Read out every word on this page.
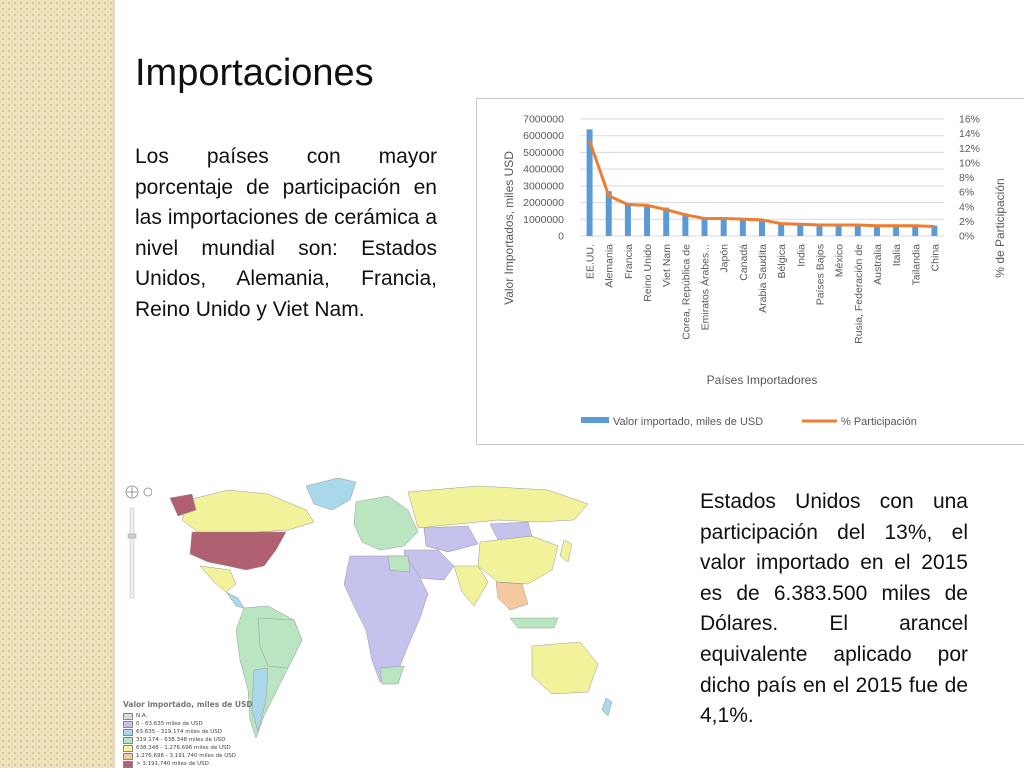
Importaciones
Los países con mayor porcentaje de participación en las importaciones de cerámica a nivel mundial son: Estados Unidos, Alemania, Francia, Reino Unido y Viet Nam.
Estados Unidos con una participación del 13%, el valor importado en el 2015 es de 6.383.500 miles de Dólares. El arancel equivalente aplicado por dicho país en el 2015 fue de 4,1%.
7000000
6000000
5000000
4000000
3000000
2000000
1000000
0
16%
14%
12%
10%
8%
6%
4%
2%
0%
EE.UU. Alemania Francia Reino Unido Viet Nam Corea, República de Emiratos Árabes... Japón Canadá Arabia Saudita Bélgica India Países Bajos México Rusia, Federación de Australia Italia Tailandia China
Valor Importados, miles USD	% de Participación
Países Importadores
Valor importado, miles de USD	% Participación
Valor importado, miles de USD
N.A.
0 - 63.635 miles de USD
63.635 - 319.174 miles de USD
319.174 - 638.348 miles de USD
638.348 - 1.276.696 miles de USD
1.276.696 - 3.191.740 miles de USD
> 3.191.740 miles de USD
